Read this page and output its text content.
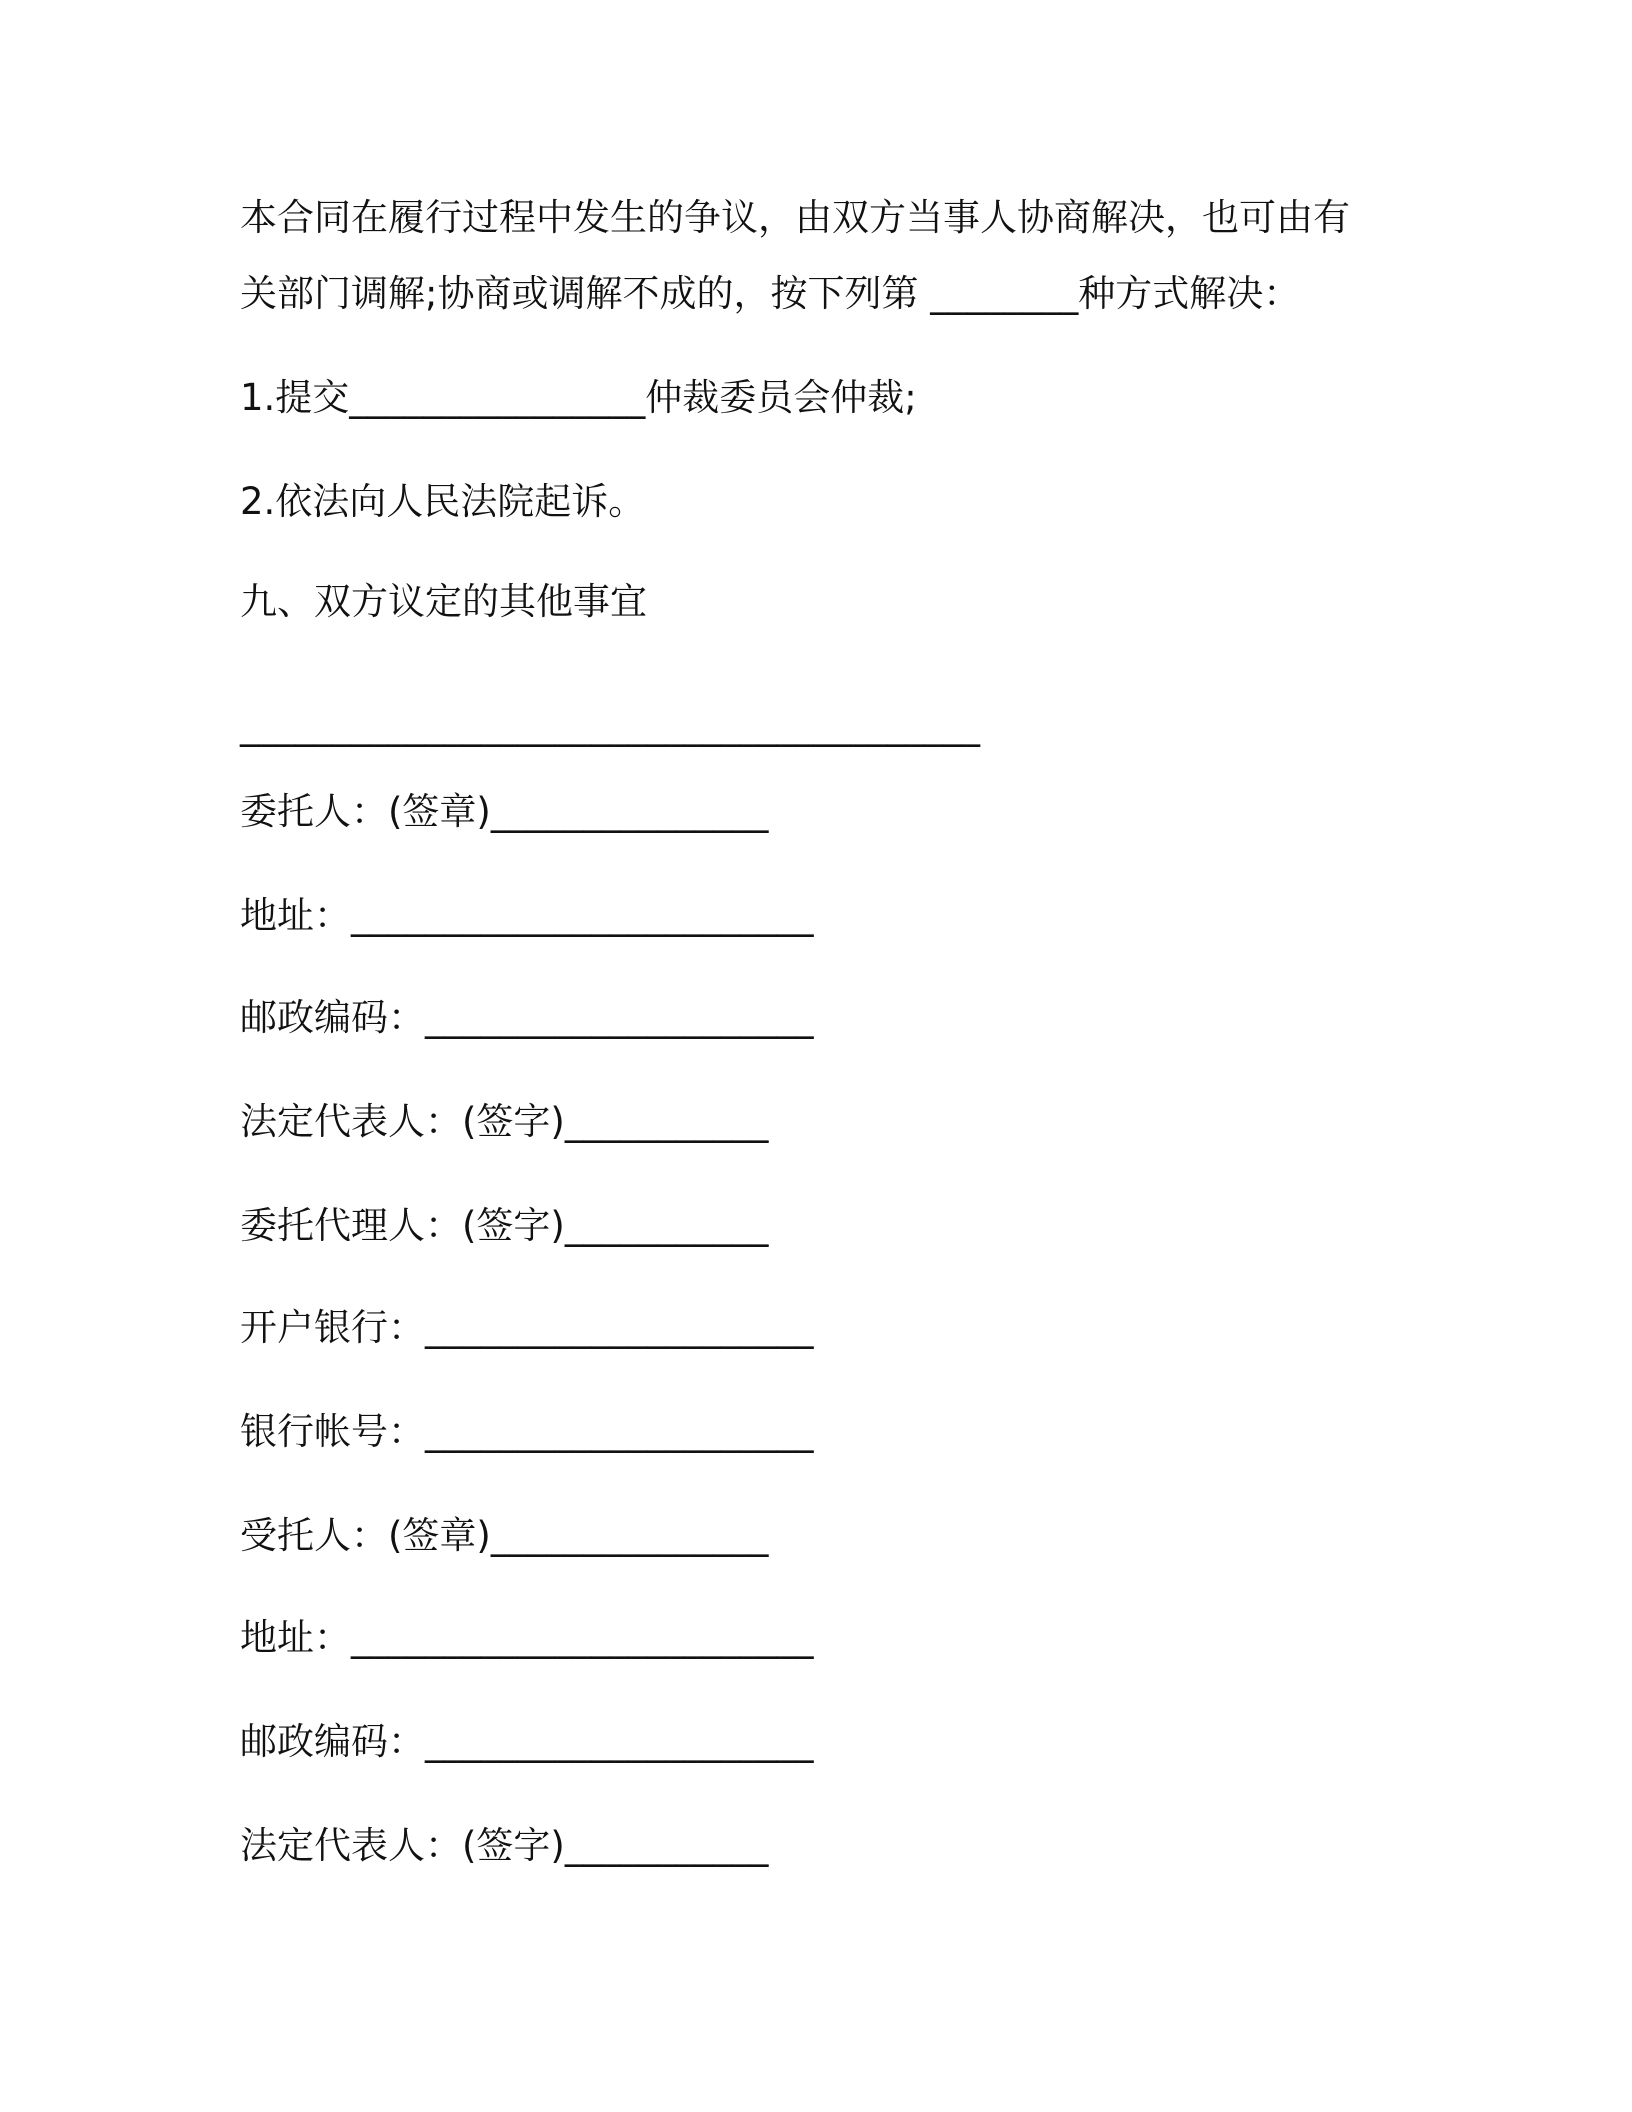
本合同在履行过程中发生的争议，由双方当事人协商解决，也可由有

关部门调解;协商或调解不成的，按下列第 ________种方式解决：

1.提交________________仲裁委员会仲裁;

2.依法向人民法院起诉。

九、双方议定的其他事宜

________________________________________

委托人：(签章)_______________

地址：_________________________

邮政编码：_____________________

法定代表人：(签字)___________

委托代理人：(签字)___________

开户银行：_____________________

银行帐号：_____________________

受托人：(签章)_______________

地址：_________________________

邮政编码：_____________________

法定代表人：(签字)___________
